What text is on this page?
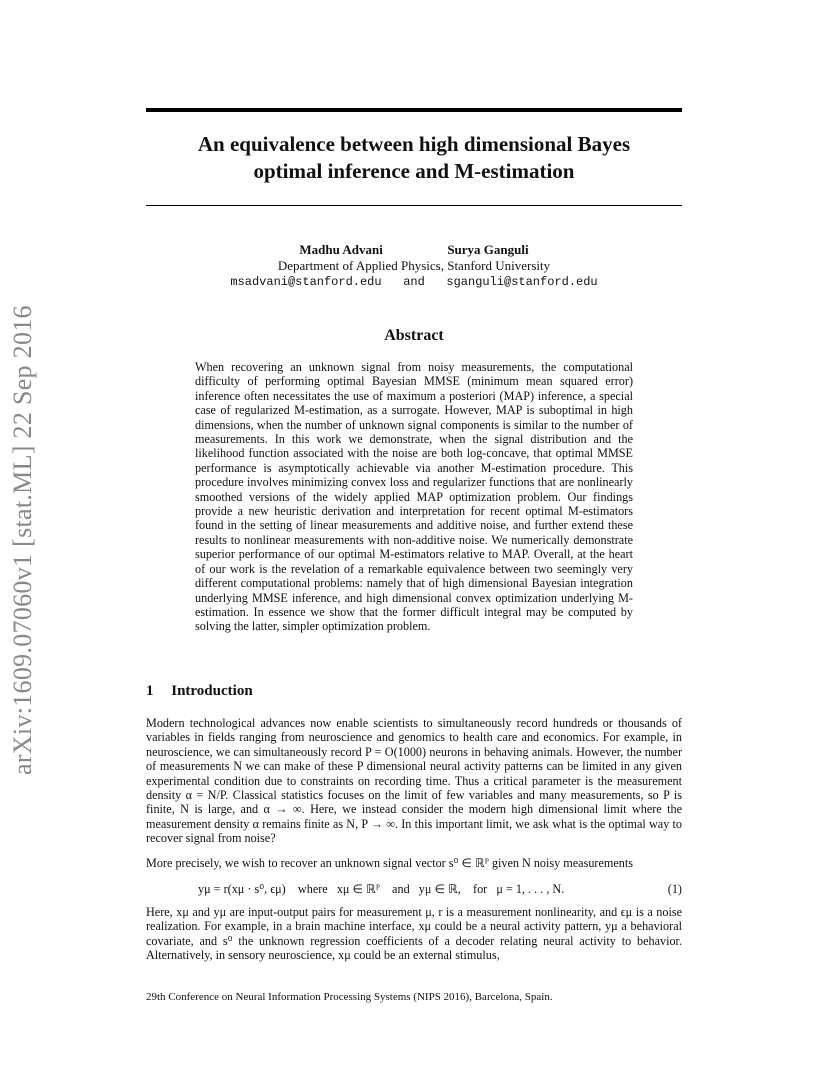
arXiv:1609.07060v1 [stat.ML] 22 Sep 2016
An equivalence between high dimensional Bayes
optimal inference and M-estimation
Madhu Advani	Surya Ganguli
Department of Applied Physics, Stanford University
msadvani@stanford.edu   and   sganguli@stanford.edu
Abstract
When recovering an unknown signal from noisy measurements, the computational difficulty of performing optimal Bayesian MMSE (minimum mean squared error) inference often necessitates the use of maximum a posteriori (MAP) inference, a special case of regularized M-estimation, as a surrogate. However, MAP is suboptimal in high dimensions, when the number of unknown signal components is similar to the number of measurements. In this work we demonstrate, when the signal distribution and the likelihood function associated with the noise are both log-concave, that optimal MMSE performance is asymptotically achievable via another M-estimation procedure. This procedure involves minimizing convex loss and regularizer functions that are nonlinearly smoothed versions of the widely applied MAP optimization problem. Our findings provide a new heuristic derivation and interpretation for recent optimal M-estimators found in the setting of linear measurements and additive noise, and further extend these results to nonlinear measurements with non-additive noise. We numerically demonstrate superior performance of our optimal M-estimators relative to MAP. Overall, at the heart of our work is the revelation of a remarkable equivalence between two seemingly very different computational problems: namely that of high dimensional Bayesian integration underlying MMSE inference, and high dimensional convex optimization underlying M-estimation. In essence we show that the former difficult integral may be computed by solving the latter, simpler optimization problem.
1 Introduction
Modern technological advances now enable scientists to simultaneously record hundreds or thousands of variables in fields ranging from neuroscience and genomics to health care and economics. For example, in neuroscience, we can simultaneously record P = O(1000) neurons in behaving animals. However, the number of measurements N we can make of these P dimensional neural activity patterns can be limited in any given experimental condition due to constraints on recording time. Thus a critical parameter is the measurement density α = N/P. Classical statistics focuses on the limit of few variables and many measurements, so P is finite, N is large, and α → ∞. Here, we instead consider the modern high dimensional limit where the measurement density α remains finite as N, P → ∞. In this important limit, we ask what is the optimal way to recover signal from noise?
More precisely, we wish to recover an unknown signal vector s⁰ ∈ ℝᴾ given N noisy measurements
yμ = r(xμ · s⁰, ϵμ)    where   xμ ∈ ℝᴾ    and   yμ ∈ ℝ,    for   μ = 1, . . . , N.	(1)
Here, xμ and yμ are input-output pairs for measurement μ, r is a measurement nonlinearity, and ϵμ is a noise realization. For example, in a brain machine interface, xμ could be a neural activity pattern, yμ a behavioral covariate, and s⁰ the unknown regression coefficients of a decoder relating neural activity to behavior. Alternatively, in sensory neuroscience, xμ could be an external stimulus,
29th Conference on Neural Information Processing Systems (NIPS 2016), Barcelona, Spain.
